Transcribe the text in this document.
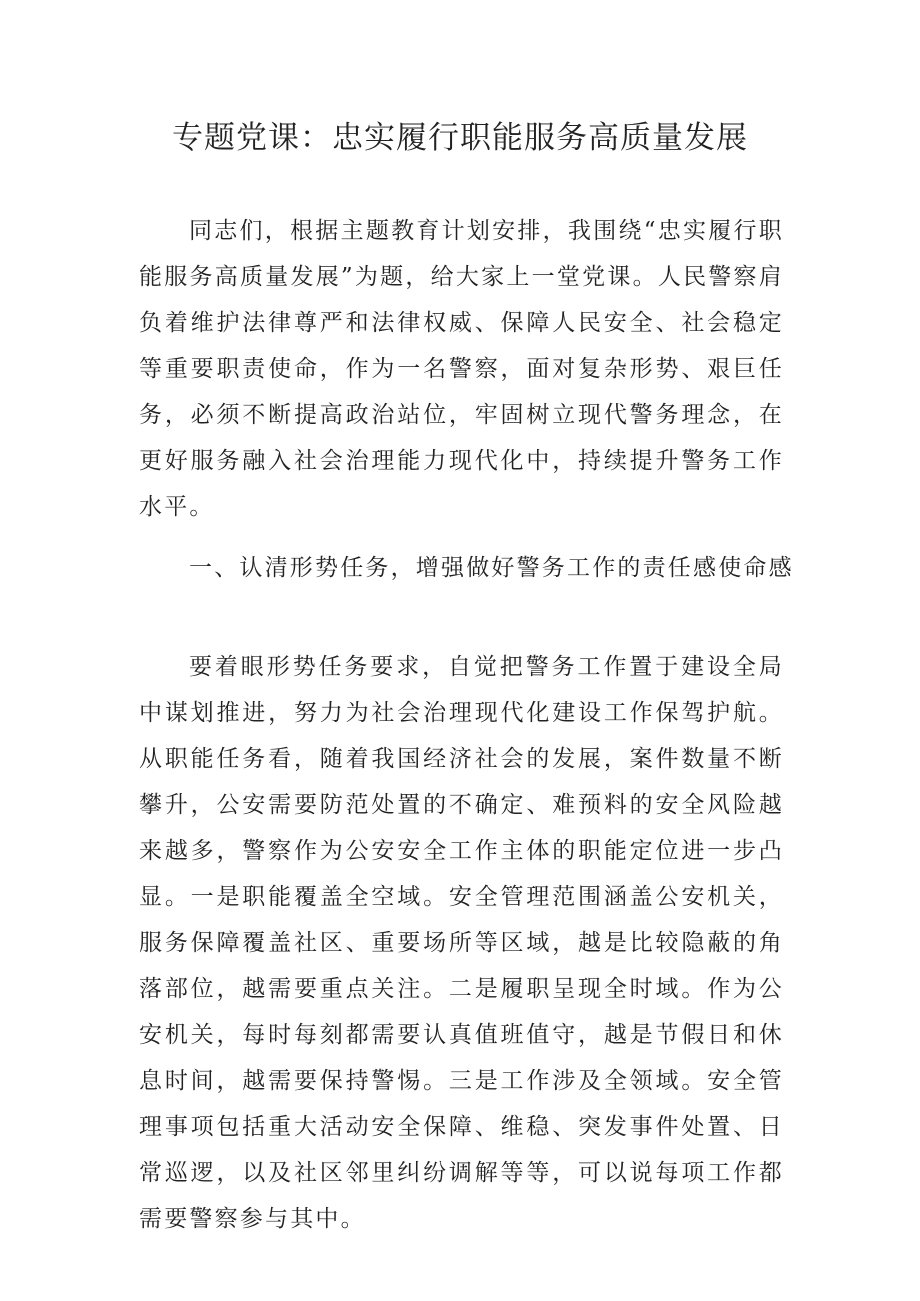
专题党课：忠实履行职能服务高质量发展

同志们，根据主题教育计划安排，我围绕“忠实履行职能服务高质量发展”为题，给大家上一堂党课。人民警察肩负着维护法律尊严和法律权威、保障人民安全、社会稳定等重要职责使命，作为一名警察，面对复杂形势、艰巨任务，必须不断提高政治站位，牢固树立现代警务理念，在更好服务融入社会治理能力现代化中，持续提升警务工作水平。

一、认清形势任务，增强做好警务工作的责任感使命感

要着眼形势任务要求，自觉把警务工作置于建设全局中谋划推进，努力为社会治理现代化建设工作保驾护航。从职能任务看，随着我国经济社会的发展，案件数量不断攀升，公安需要防范处置的不确定、难预料的安全风险越来越多，警察作为公安安全工作主体的职能定位进一步凸显。一是职能覆盖全空域。安全管理范围涵盖公安机关，服务保障覆盖社区、重要场所等区域，越是比较隐蔽的角落部位，越需要重点关注。二是履职呈现全时域。作为公安机关，每时每刻都需要认真值班值守，越是节假日和休息时间，越需要保持警惕。三是工作涉及全领域。安全管理事项包括重大活动安全保障、维稳、突发事件处置、日常巡逻，以及社区邻里纠纷调解等等，可以说每项工作都需要警察参与其中。
